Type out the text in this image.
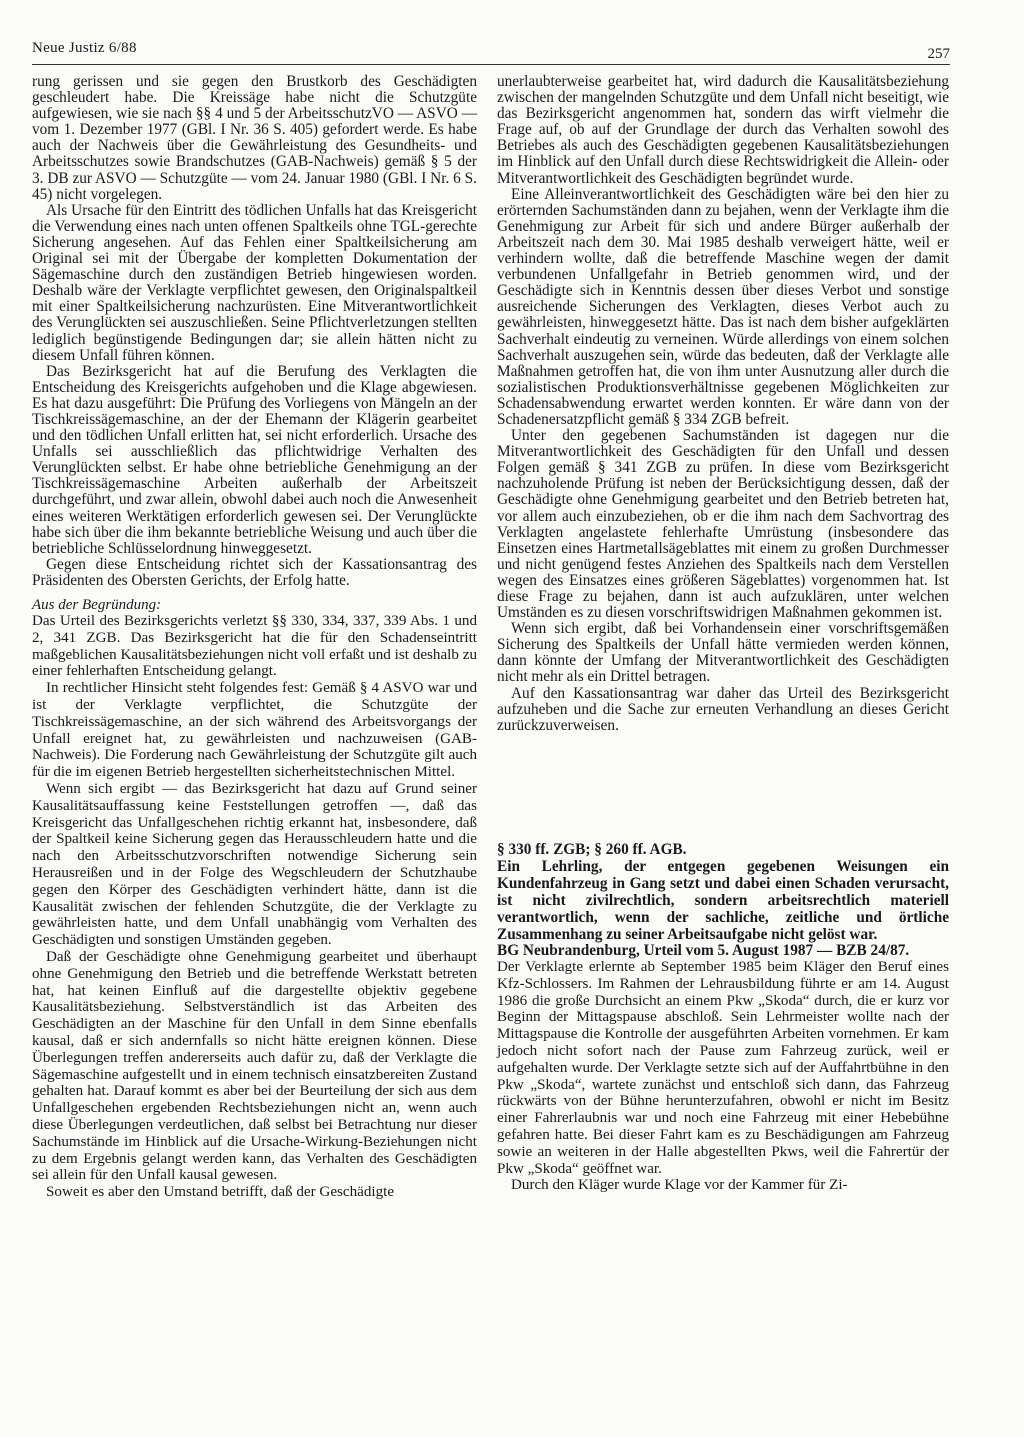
Neue Justiz 6/88	257

rung gerissen und sie gegen den Brustkorb des Geschädigten geschleudert habe. Die Kreissäge habe nicht die Schutzgüte aufgewiesen, wie sie nach §§ 4 und 5 der ArbeitsschutzVO — ASVO — vom 1. Dezember 1977 (GBl. I Nr. 36 S. 405) gefordert werde. Es habe auch der Nachweis über die Gewährleistung des Gesundheits- und Arbeitsschutzes sowie Brandschutzes (GAB-Nachweis) gemäß § 5 der 3. DB zur ASVO — Schutzgüte — vom 24. Januar 1980 (GBl. I Nr. 6 S. 45) nicht vorgelegen.

Als Ursache für den Eintritt des tödlichen Unfalls hat das Kreisgericht die Verwendung eines nach unten offenen Spaltkeils ohne TGL-gerechte Sicherung angesehen. Auf das Fehlen einer Spaltkeilsicherung am Original sei mit der Übergabe der kompletten Dokumentation der Sägemaschine durch den zuständigen Betrieb hingewiesen worden. Deshalb wäre der Verklagte verpflichtet gewesen, den Originalspaltkeil mit einer Spaltkeilsicherung nachzurüsten. Eine Mitverantwortlichkeit des Verunglückten sei auszuschließen. Seine Pflichtverletzungen stellten lediglich begünstigende Bedingungen dar; sie allein hätten nicht zu diesem Unfall führen können.

Das Bezirksgericht hat auf die Berufung des Verklagten die Entscheidung des Kreisgerichts aufgehoben und die Klage abgewiesen. Es hat dazu ausgeführt: Die Prüfung des Vorliegens von Mängeln an der Tischkreissägemaschine, an der der Ehemann der Klägerin gearbeitet und den tödlichen Unfall erlitten hat, sei nicht erforderlich. Ursache des Unfalls sei ausschließlich das pflichtwidrige Verhalten des Verunglückten selbst. Er habe ohne betriebliche Genehmigung an der Tischkreissägemaschine Arbeiten außerhalb der Arbeitszeit durchgeführt, und zwar allein, obwohl dabei auch noch die Anwesenheit eines weiteren Werktätigen erforderlich gewesen sei. Der Verunglückte habe sich über die ihm bekannte betriebliche Weisung und auch über die betriebliche Schlüsselordnung hinweggesetzt.

Gegen diese Entscheidung richtet sich der Kassationsantrag des Präsidenten des Obersten Gerichts, der Erfolg hatte.

Aus der Begründung:

Das Urteil des Bezirksgerichts verletzt §§ 330, 334, 337, 339 Abs. 1 und 2, 341 ZGB. Das Bezirksgericht hat die für den Schadenseintritt maßgeblichen Kausalitätsbeziehungen nicht voll erfaßt und ist deshalb zu einer fehlerhaften Entscheidung gelangt.

In rechtlicher Hinsicht steht folgendes fest: Gemäß § 4 ASVO war und ist der Verklagte verpflichtet, die Schutzgüte der Tischkreissägemaschine, an der sich während des Arbeitsvorgangs der Unfall ereignet hat, zu gewährleisten und nachzuweisen (GAB-Nachweis). Die Forderung nach Gewährleistung der Schutzgüte gilt auch für die im eigenen Betrieb hergestellten sicherheitstechnischen Mittel.

Wenn sich ergibt — das Bezirksgericht hat dazu auf Grund seiner Kausalitätsauffassung keine Feststellungen getroffen —, daß das Kreisgericht das Unfallgeschehen richtig erkannt hat, insbesondere, daß der Spaltkeil keine Sicherung gegen das Herausschleudern hatte und die nach den Arbeitsschutzvorschriften notwendige Sicherung sein Herausreißen und in der Folge des Wegschleudern der Schutzhaube gegen den Körper des Geschädigten verhindert hätte, dann ist die Kausalität zwischen der fehlenden Schutzgüte, die der Verklagte zu gewährleisten hatte, und dem Unfall unabhängig vom Verhalten des Geschädigten und sonstigen Umständen gegeben.

Daß der Geschädigte ohne Genehmigung gearbeitet und überhaupt ohne Genehmigung den Betrieb und die betreffende Werkstatt betreten hat, hat keinen Einfluß auf die dargestellte objektiv gegebene Kausalitätsbeziehung. Selbstverständlich ist das Arbeiten des Geschädigten an der Maschine für den Unfall in dem Sinne ebenfalls kausal, daß er sich andernfalls so nicht hätte ereignen können. Diese Überlegungen treffen andererseits auch dafür zu, daß der Verklagte die Sägemaschine aufgestellt und in einem technisch einsatzbereiten Zustand gehalten hat. Darauf kommt es aber bei der Beurteilung der sich aus dem Unfallgeschehen ergebenden Rechtsbeziehungen nicht an, wenn auch diese Überlegungen verdeutlichen, daß selbst bei Betrachtung nur dieser Sachumstände im Hinblick auf die Ursache-Wirkung-Beziehungen nicht zu dem Ergebnis gelangt werden kann, das Verhalten des Geschädigten sei allein für den Unfall kausal gewesen.

Soweit es aber den Umstand betrifft, daß der Geschädigte

unerlaubterweise gearbeitet hat, wird dadurch die Kausalitätsbeziehung zwischen der mangelnden Schutzgüte und dem Unfall nicht beseitigt, wie das Bezirksgericht angenommen hat, sondern das wirft vielmehr die Frage auf, ob auf der Grundlage der durch das Verhalten sowohl des Betriebes als auch des Geschädigten gegebenen Kausalitätsbeziehungen im Hinblick auf den Unfall durch diese Rechtswidrigkeit die Allein- oder Mitverantwortlichkeit des Geschädigten begründet wurde.

Eine Alleinverantwortlichkeit des Geschädigten wäre bei den hier zu erörternden Sachumständen dann zu bejahen, wenn der Verklagte ihm die Genehmigung zur Arbeit für sich und andere Bürger außerhalb der Arbeitszeit nach dem 30. Mai 1985 deshalb verweigert hätte, weil er verhindern wollte, daß die betreffende Maschine wegen der damit verbundenen Unfallgefahr in Betrieb genommen wird, und der Geschädigte sich in Kenntnis dessen über dieses Verbot und sonstige ausreichende Sicherungen des Verklagten, dieses Verbot auch zu gewährleisten, hinweggesetzt hätte. Das ist nach dem bisher aufgeklärten Sachverhalt eindeutig zu verneinen. Würde allerdings von einem solchen Sachverhalt auszugehen sein, würde das bedeuten, daß der Verklagte alle Maßnahmen getroffen hat, die von ihm unter Ausnutzung aller durch die sozialistischen Produktionsverhältnisse gegebenen Möglichkeiten zur Schadensabwendung erwartet werden konnten. Er wäre dann von der Schadenersatzpflicht gemäß § 334 ZGB befreit.

Unter den gegebenen Sachumständen ist dagegen nur die Mitverantwortlichkeit des Geschädigten für den Unfall und dessen Folgen gemäß § 341 ZGB zu prüfen. In diese vom Bezirksgericht nachzuholende Prüfung ist neben der Berücksichtigung dessen, daß der Geschädigte ohne Genehmigung gearbeitet und den Betrieb betreten hat, vor allem auch einzubeziehen, ob er die ihm nach dem Sachvortrag des Verklagten angelastete fehlerhafte Umrüstung (insbesondere das Einsetzen eines Hartmetallsägeblattes mit einem zu großen Durchmesser und nicht genügend festes Anziehen des Spaltkeils nach dem Verstellen wegen des Einsatzes eines größeren Sägeblattes) vorgenommen hat. Ist diese Frage zu bejahen, dann ist auch aufzuklären, unter welchen Umständen es zu diesen vorschriftswidrigen Maßnahmen gekommen ist.

Wenn sich ergibt, daß bei Vorhandensein einer vorschriftsgemäßen Sicherung des Spaltkeils der Unfall hätte vermieden werden können, dann könnte der Umfang der Mitverantwortlichkeit des Geschädigten nicht mehr als ein Drittel betragen.

Auf den Kassationsantrag war daher das Urteil des Bezirksgericht aufzuheben und die Sache zur erneuten Verhandlung an dieses Gericht zurückzuverweisen.

§ 330 ff. ZGB; § 260 ff. AGB.

Ein Lehrling, der entgegen gegebenen Weisungen ein Kundenfahrzeug in Gang setzt und dabei einen Schaden verursacht, ist nicht zivilrechtlich, sondern arbeitsrechtlich materiell verantwortlich, wenn der sachliche, zeitliche und örtliche Zusammenhang zu seiner Arbeitsaufgabe nicht gelöst war.

BG Neubrandenburg, Urteil vom 5. August 1987 — BZB 24/87.

Der Verklagte erlernte ab September 1985 beim Kläger den Beruf eines Kfz-Schlossers. Im Rahmen der Lehrausbildung führte er am 14. August 1986 die große Durchsicht an einem Pkw „Skoda“ durch, die er kurz vor Beginn der Mittagspause abschloß. Sein Lehrmeister wollte nach der Mittagspause die Kontrolle der ausgeführten Arbeiten vornehmen. Er kam jedoch nicht sofort nach der Pause zum Fahrzeug zurück, weil er aufgehalten wurde. Der Verklagte setzte sich auf der Auffahrtbühne in den Pkw „Skoda“, wartete zunächst und entschloß sich dann, das Fahrzeug rückwärts von der Bühne herunterzufahren, obwohl er nicht im Besitz einer Fahrerlaubnis war und noch eine Fahrzeug mit einer Hebebühne gefahren hatte. Bei dieser Fahrt kam es zu Beschädigungen am Fahrzeug sowie an weiteren in der Halle abgestellten Pkws, weil die Fahrertür der Pkw „Skoda“ geöffnet war.

Durch den Kläger wurde Klage vor der Kammer für Zi-
